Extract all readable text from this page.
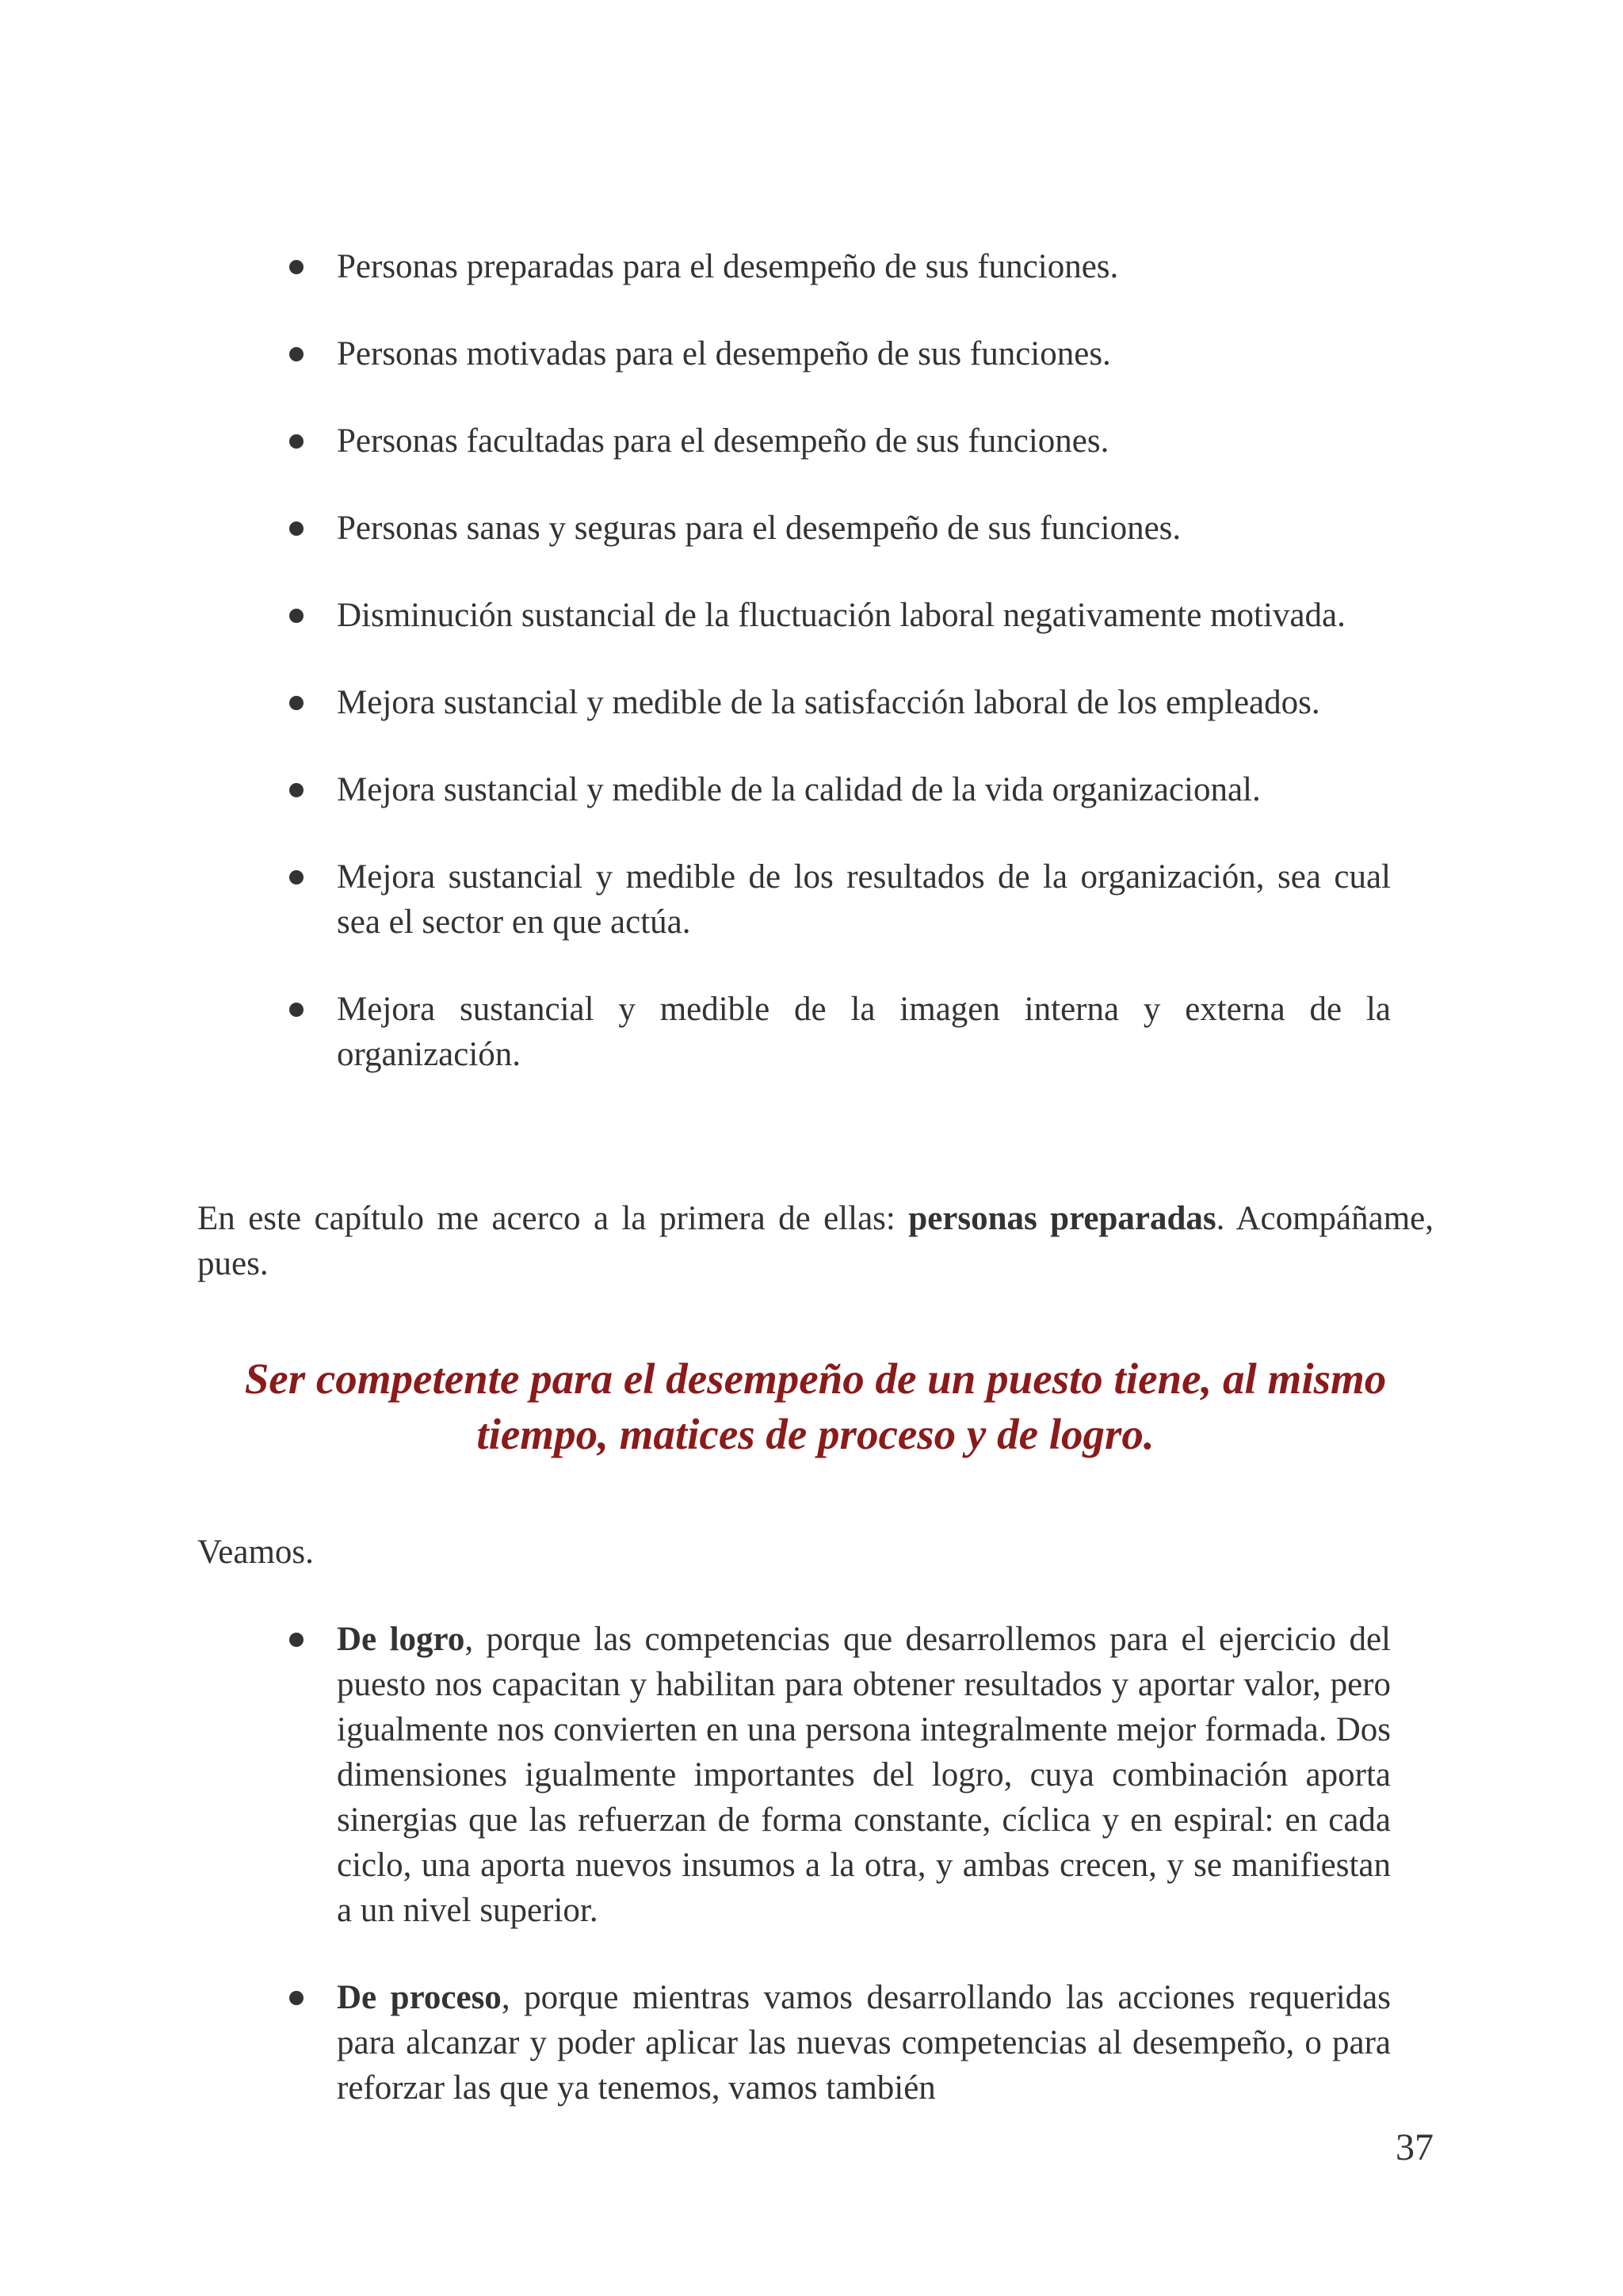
Personas preparadas para el desempeño de sus funciones.
Personas motivadas para el desempeño de sus funciones.
Personas facultadas para el desempeño de sus funciones.
Personas sanas y seguras para el desempeño de sus funciones.
Disminución sustancial de la fluctuación laboral negativamente motivada.
Mejora sustancial y medible de la satisfacción laboral de los empleados.
Mejora sustancial y medible de la calidad de la vida organizacional.
Mejora sustancial y medible de los resultados de la organización, sea cual sea el sector en que actúa.
Mejora sustancial y medible de la imagen interna y externa de la organización.

En este capítulo me acerco a la primera de ellas: personas preparadas. Acompáñame, pues.

Ser competente para el desempeño de un puesto tiene, al mismo tiempo, matices de proceso y de logro.

Veamos.

De logro, porque las competencias que desarrollemos para el ejercicio del puesto nos capacitan y habilitan para obtener resultados y aportar valor, pero igualmente nos convierten en una persona integralmente mejor formada. Dos dimensiones igualmente importantes del logro, cuya combinación aporta sinergias que las refuerzan de forma constante, cíclica y en espiral: en cada ciclo, una aporta nuevos insumos a la otra, y ambas crecen, y se manifiestan a un nivel superior.
De proceso, porque mientras vamos desarrollando las acciones requeridas para alcanzar y poder aplicar las nuevas competencias al desempeño, o para reforzar las que ya tenemos, vamos también
37
